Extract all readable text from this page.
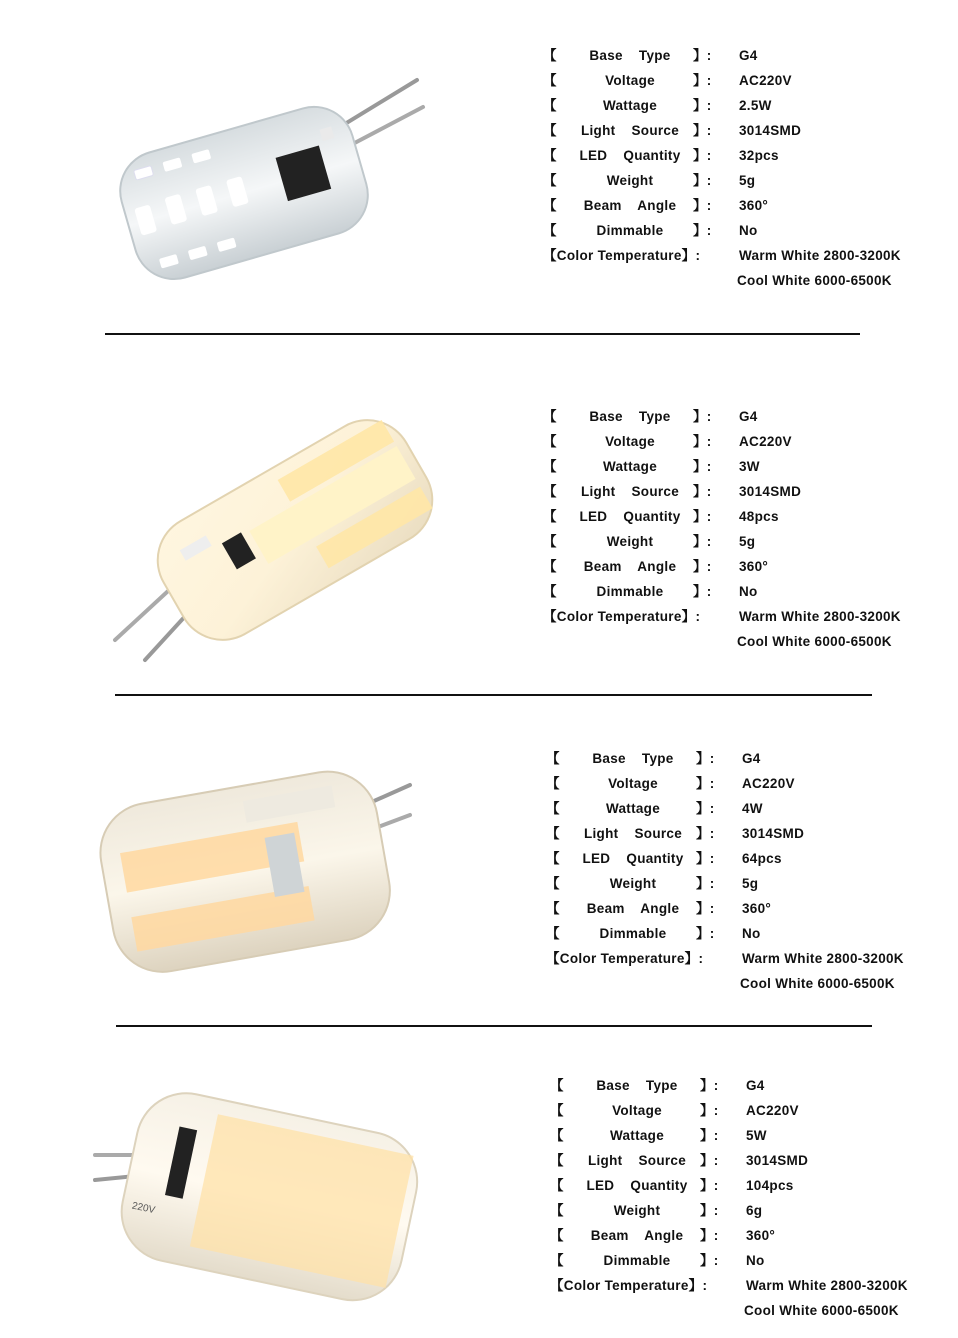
【	Base Type	】: G4
【	Voltage	】: AC220V
【	Wattage	】: 2.5W
【	Light Source	】: 3014SMD
【	LED Quantity 】: 32pcs
【	Weight	】: 5g
【	Beam Angle	】: 360°
【	Dimmable	】: No
【Color Temperature】:	Warm White 2800-3200K
Cool White 6000-6500K
【	Base Type	】: G4
【	Voltage	】: AC220V
【	Wattage	】: 3W
【	Light Source	】: 3014SMD
【	LED Quantity 】: 48pcs
【	Weight	】: 5g
【	Beam Angle	】: 360°
【	Dimmable	】: No
【Color Temperature】:	Warm White 2800-3200K
Cool White 6000-6500K
【	Base Type	】: G4
【	Voltage	】: AC220V
【	Wattage	】: 4W
【	Light Source	】: 3014SMD
【	LED Quantity 】: 64pcs
【	Weight	】: 5g
【	Beam Angle	】: 360°
【	Dimmable	】: No
【Color Temperature】:	Warm White 2800-3200K
Cool White 6000-6500K
220V
【	Base Type	】: G4
【	Voltage	】: AC220V
【	Wattage	】: 5W
【	Light Source	】: 3014SMD
【	LED Quantity 】: 104pcs
【	Weight	】: 6g
【	Beam Angle	】: 360°
【	Dimmable	】: No
【Color Temperature】:	Warm White 2800-3200K
Cool White 6000-6500K
